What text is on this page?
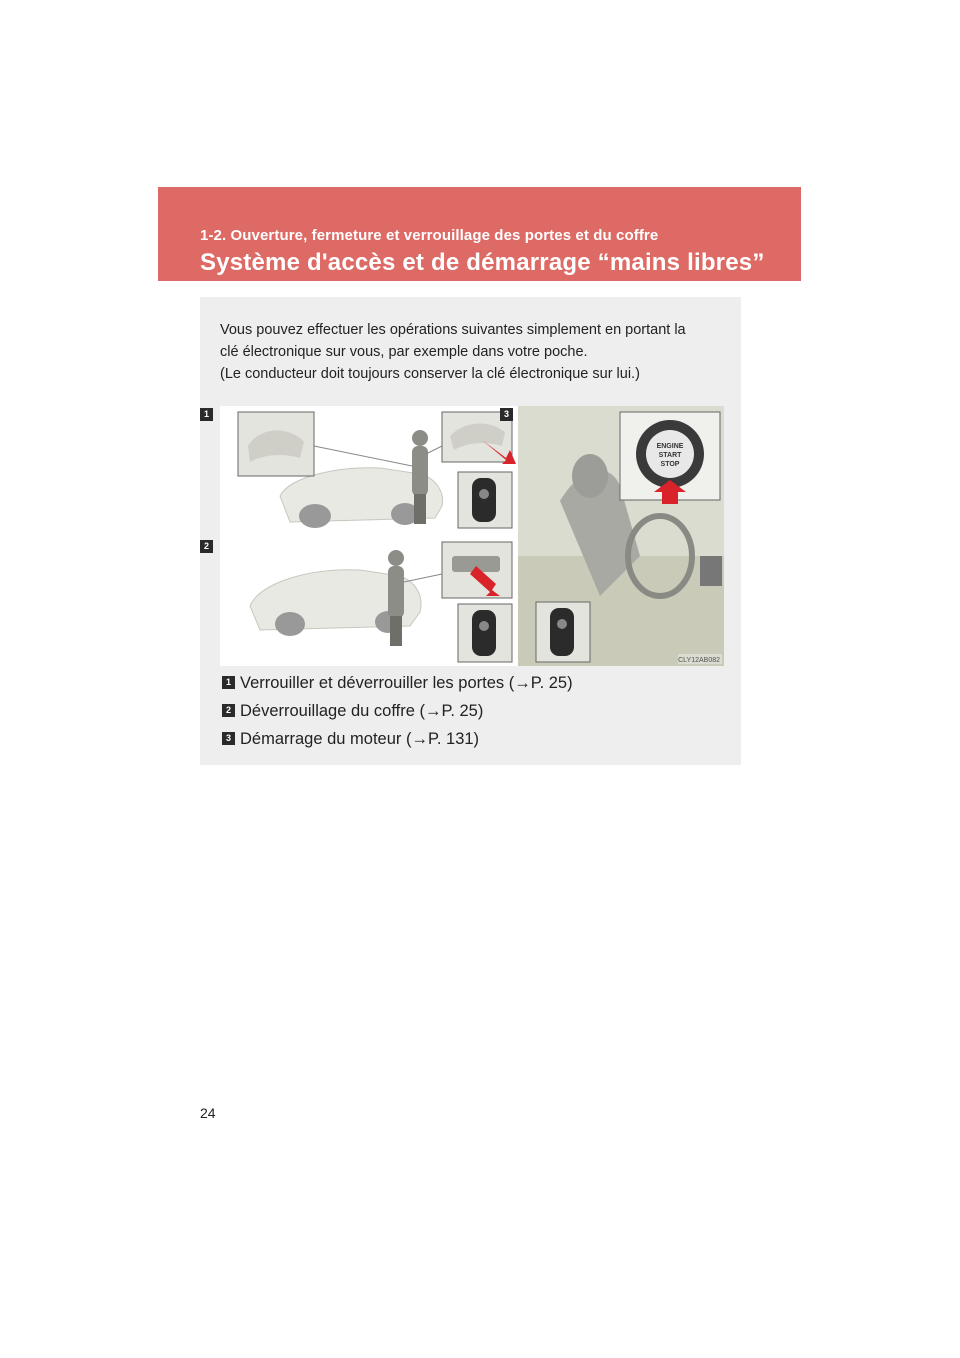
1-2. Ouverture, fermeture et verrouillage des portes et du coffre
Système d'accès et de démarrage “mains libres”

Vous pouvez effectuer les opérations suivantes simplement en portant la

clé électronique sur vous, par exemple dans votre poche.

(Le conducteur doit toujours conserver la clé électronique sur lui.)

ENGINE
START
STOP
CLY12AB082
1
2
3
1 Verrouiller et déverrouiller les portes (→P. 25)
2 Déverrouillage du coffre (→P. 25)
3 Démarrage du moteur (→P. 131)
24
